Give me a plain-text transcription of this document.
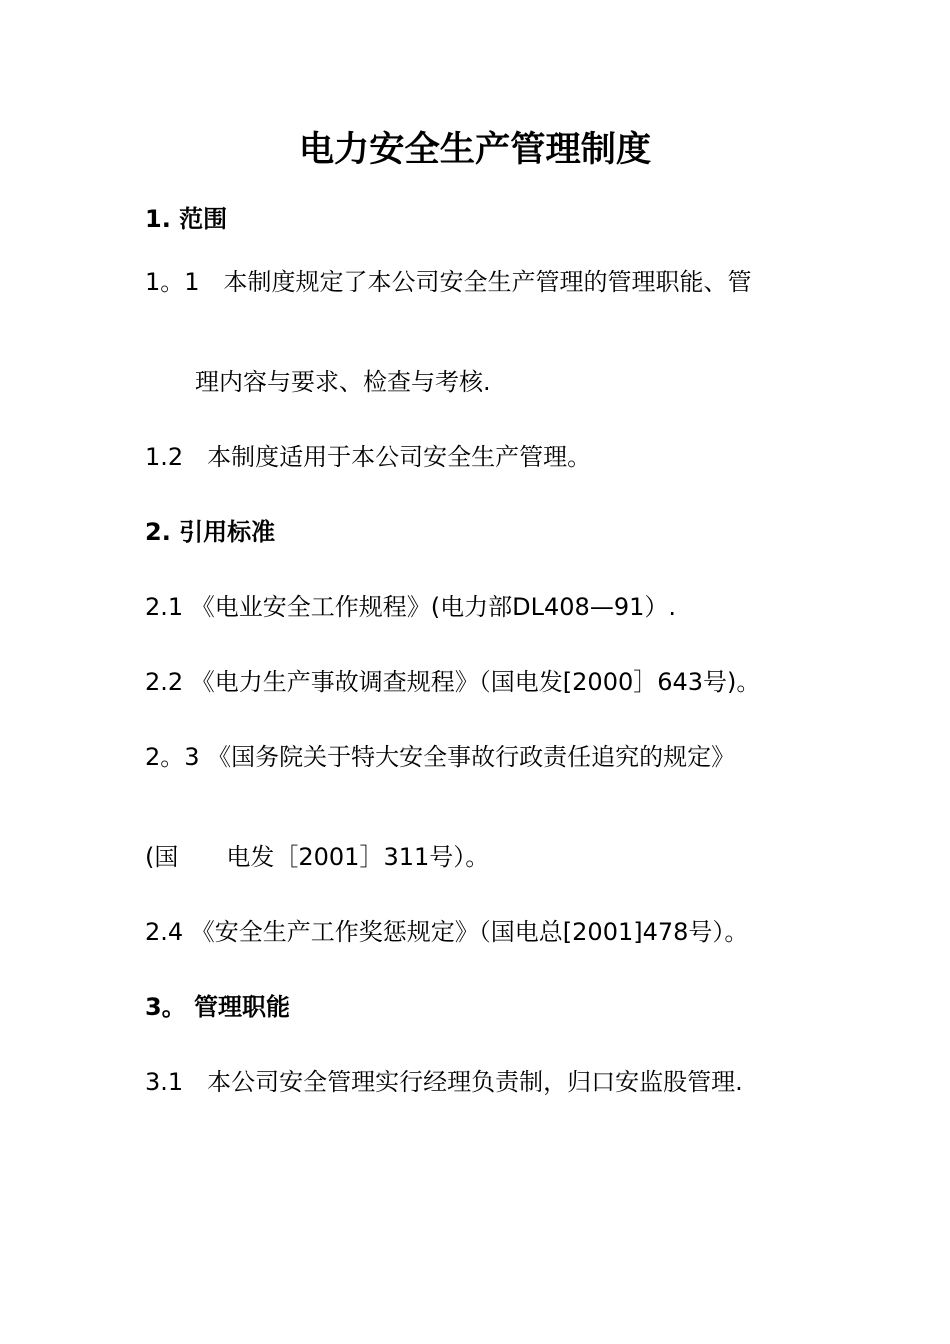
电力安全生产管理制度
1. 范围
1。1　本制度规定了本公司安全生产管理的管理职能、管
理内容与要求、检查与考核.
1.2　本制度适用于本公司安全生产管理。
2. 引用标准
2.1 《电业安全工作规程》(电力部DL408—91）.
2.2 《电力生产事故调查规程》（国电发[2000］643号)。
2。3 《国务院关于特大安全事故行政责任追究的规定》
(国　　电发［2001］311号）。
2.4 《安全生产工作奖惩规定》（国电总[2001]478号）。
3。 管理职能
3.1　本公司安全管理实行经理负责制，归口安监股管理.
